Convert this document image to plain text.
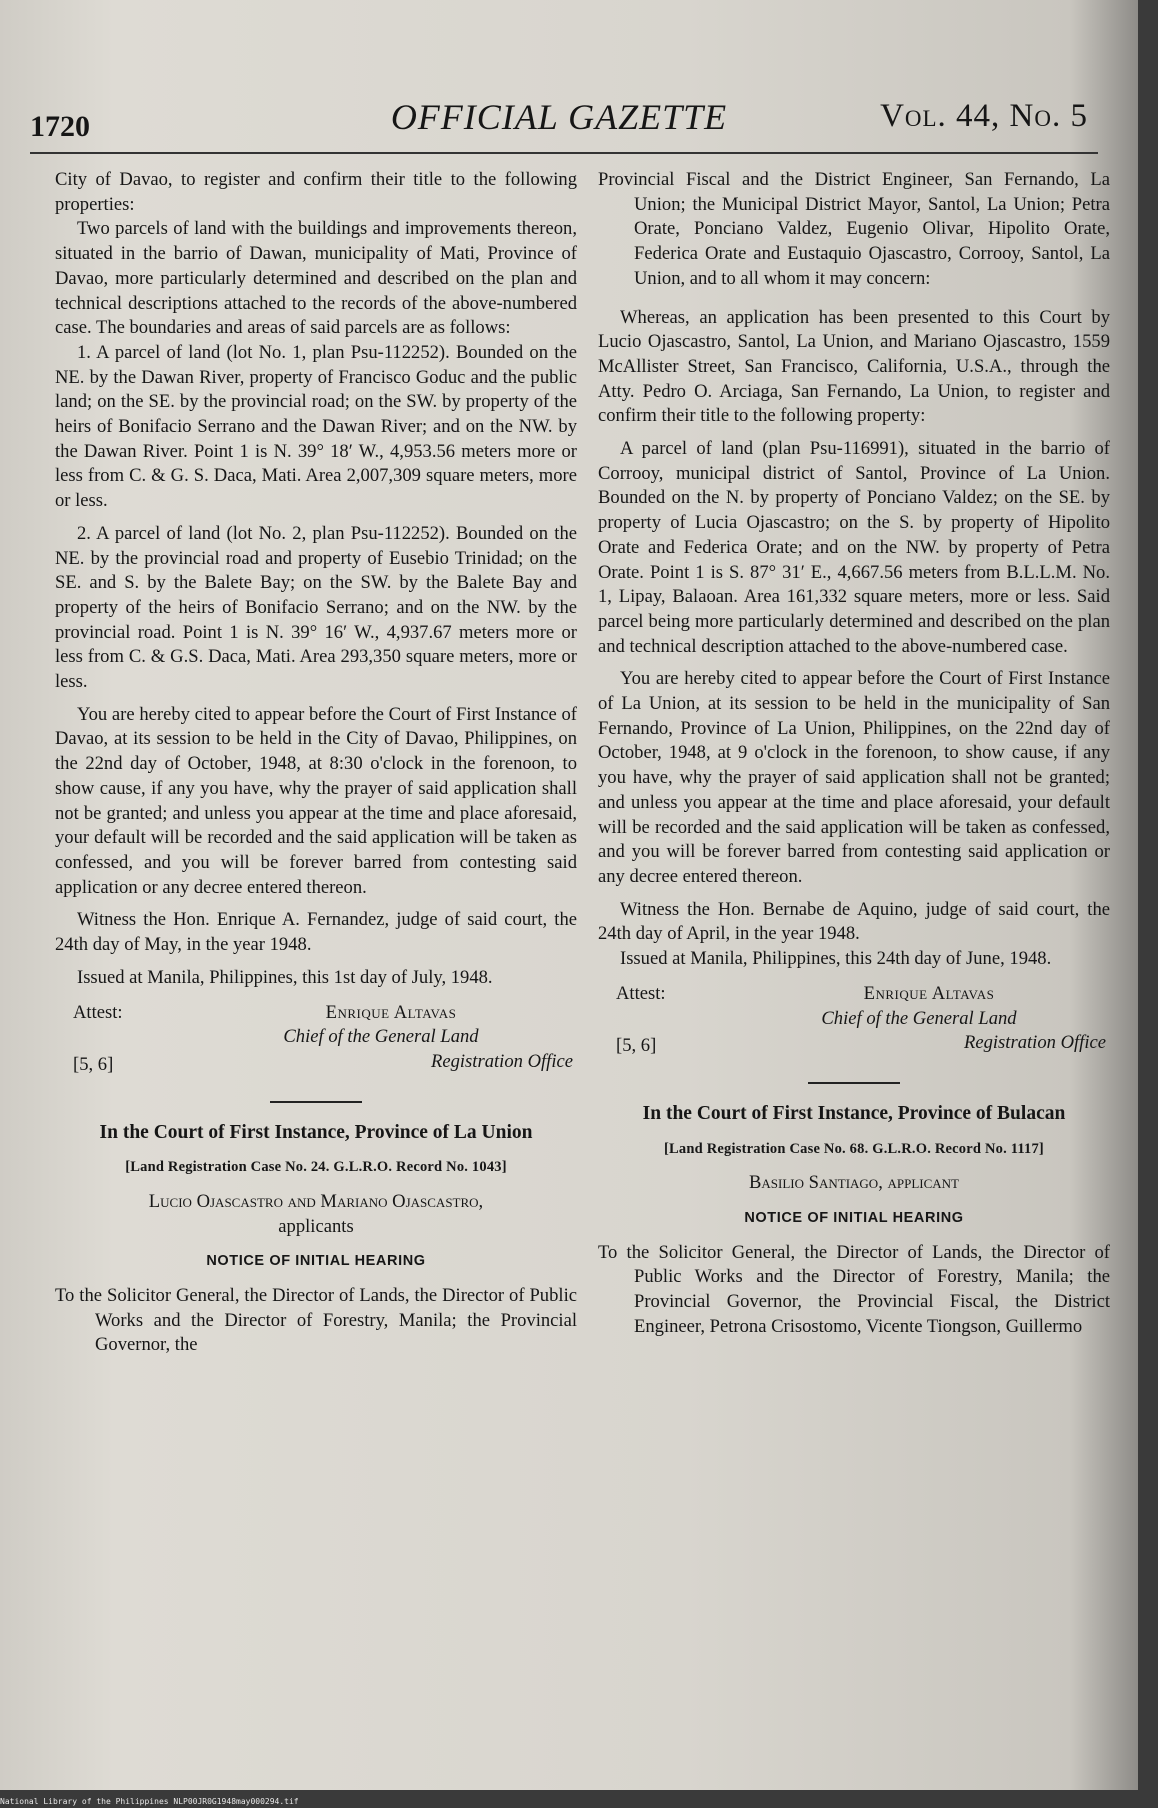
1720	OFFICIAL GAZETTE	Vol. 44, No. 5

City of Davao, to register and confirm their title to the following properties:

Two parcels of land with the buildings and improvements thereon, situated in the barrio of Dawan, municipality of Mati, Province of Davao, more particularly determined and described on the plan and technical descriptions attached to the records of the above-numbered case. The boundaries and areas of said parcels are as follows:

1. A parcel of land (lot No. 1, plan Psu-112252). Bounded on the NE. by the Dawan River, property of Francisco Goduc and the public land; on the SE. by the provincial road; on the SW. by property of the heirs of Bonifacio Serrano and the Dawan River; and on the NW. by the Dawan River. Point 1 is N. 39° 18′ W., 4,953.56 meters more or less from C. & G. S. Daca, Mati. Area 2,007,309 square meters, more or less.

2. A parcel of land (lot No. 2, plan Psu-112252). Bounded on the NE. by the provincial road and property of Eusebio Trinidad; on the SE. and S. by the Balete Bay; on the SW. by the Balete Bay and property of the heirs of Bonifacio Serrano; and on the NW. by the provincial road. Point 1 is N. 39° 16′ W., 4,937.67 meters more or less from C. & G.S. Daca, Mati. Area 293,350 square meters, more or less.

You are hereby cited to appear before the Court of First Instance of Davao, at its session to be held in the City of Davao, Philippines, on the 22nd day of October, 1948, at 8:30 o'clock in the forenoon, to show cause, if any you have, why the prayer of said application shall not be granted; and unless you appear at the time and place aforesaid, your default will be recorded and the said application will be taken as confessed, and you will be forever barred from contesting said application or any decree entered thereon.

Witness the Hon. Enrique A. Fernandez, judge of said court, the 24th day of May, in the year 1948.

Issued at Manila, Philippines, this 1st day of July, 1948.

Attest:
[5, 6]
Enrique Altavas
Chief of the General Land
Registration Office
In the Court of First Instance, Province of La Union
[Land Registration Case No. 24. G.L.R.O. Record No. 1043]
Lucio Ojascastro and Mariano Ojascastro,
applicants
NOTICE OF INITIAL HEARING

To the Solicitor General, the Director of Lands, the Director of Public Works and the Director of Forestry, Manila; the Provincial Governor, the

Provincial Fiscal and the District Engineer, San Fernando, La Union; the Municipal District Mayor, Santol, La Union; Petra Orate, Ponciano Valdez, Eugenio Olivar, Hipolito Orate, Federica Orate and Eustaquio Ojascastro, Corrooy, Santol, La Union, and to all whom it may concern:

Whereas, an application has been presented to this Court by Lucio Ojascastro, Santol, La Union, and Mariano Ojascastro, 1559 McAllister Street, San Francisco, California, U.S.A., through the Atty. Pedro O. Arciaga, San Fernando, La Union, to register and confirm their title to the following property:

A parcel of land (plan Psu-116991), situated in the barrio of Corrooy, municipal district of Santol, Province of La Union. Bounded on the N. by property of Ponciano Valdez; on the SE. by property of Lucia Ojascastro; on the S. by property of Hipolito Orate and Federica Orate; and on the NW. by property of Petra Orate. Point 1 is S. 87° 31′ E., 4,667.56 meters from B.L.L.M. No. 1, Lipay, Balaoan. Area 161,332 square meters, more or less. Said parcel being more particularly determined and described on the plan and technical description attached to the above-numbered case.

You are hereby cited to appear before the Court of First Instance of La Union, at its session to be held in the municipality of San Fernando, Province of La Union, Philippines, on the 22nd day of October, 1948, at 9 o'clock in the forenoon, to show cause, if any you have, why the prayer of said application shall not be granted; and unless you appear at the time and place aforesaid, your default will be recorded and the said application will be taken as confessed, and you will be forever barred from contesting said application or any decree entered thereon.

Witness the Hon. Bernabe de Aquino, judge of said court, the 24th day of April, in the year 1948.

Issued at Manila, Philippines, this 24th day of June, 1948.

Attest:
[5, 6]
Enrique Altavas
Chief of the General Land
Registration Office
In the Court of First Instance, Province of Bulacan
[Land Registration Case No. 68. G.L.R.O. Record No. 1117]
Basilio Santiago, applicant
NOTICE OF INITIAL HEARING

To the Solicitor General, the Director of Lands, the Director of Public Works and the Director of Forestry, Manila; the Provincial Governor, the Provincial Fiscal, the District Engineer, Petrona Crisostomo, Vicente Tiongson, Guillermo

National Library of the Philippines NLP00JR0G1948may000294.tif
